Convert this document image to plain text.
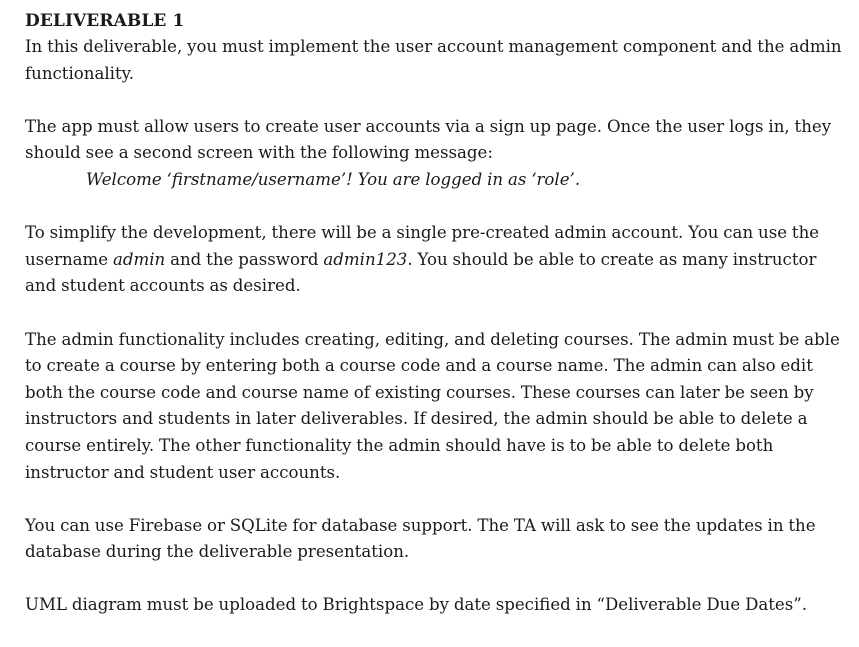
DELIVERABLE 1

In this deliverable, you must implement the user account management component and the admin functionality.

The app must allow users to create user accounts via a sign up page. Once the user logs in, they should see a second screen with the following message:

Welcome ‘firstname/username’! You are logged in as ‘role’.

To simplify the development, there will be a single pre-created admin account. You can use the username admin and the password admin123. You should be able to create as many instructor and student accounts as desired.

The admin functionality includes creating, editing, and deleting courses. The admin must be able to create a course by entering both a course code and a course name. The admin can also edit both the course code and course name of existing courses. These courses can later be seen by instructors and students in later deliverables. If desired, the admin should be able to delete a course entirely. The other functionality the admin should have is to be able to delete both instructor and student user accounts.

You can use Firebase or SQLite for database support. The TA will ask to see the updates in the database during the deliverable presentation.

UML diagram must be uploaded to Brightspace by date specified in “Deliverable Due Dates”.
